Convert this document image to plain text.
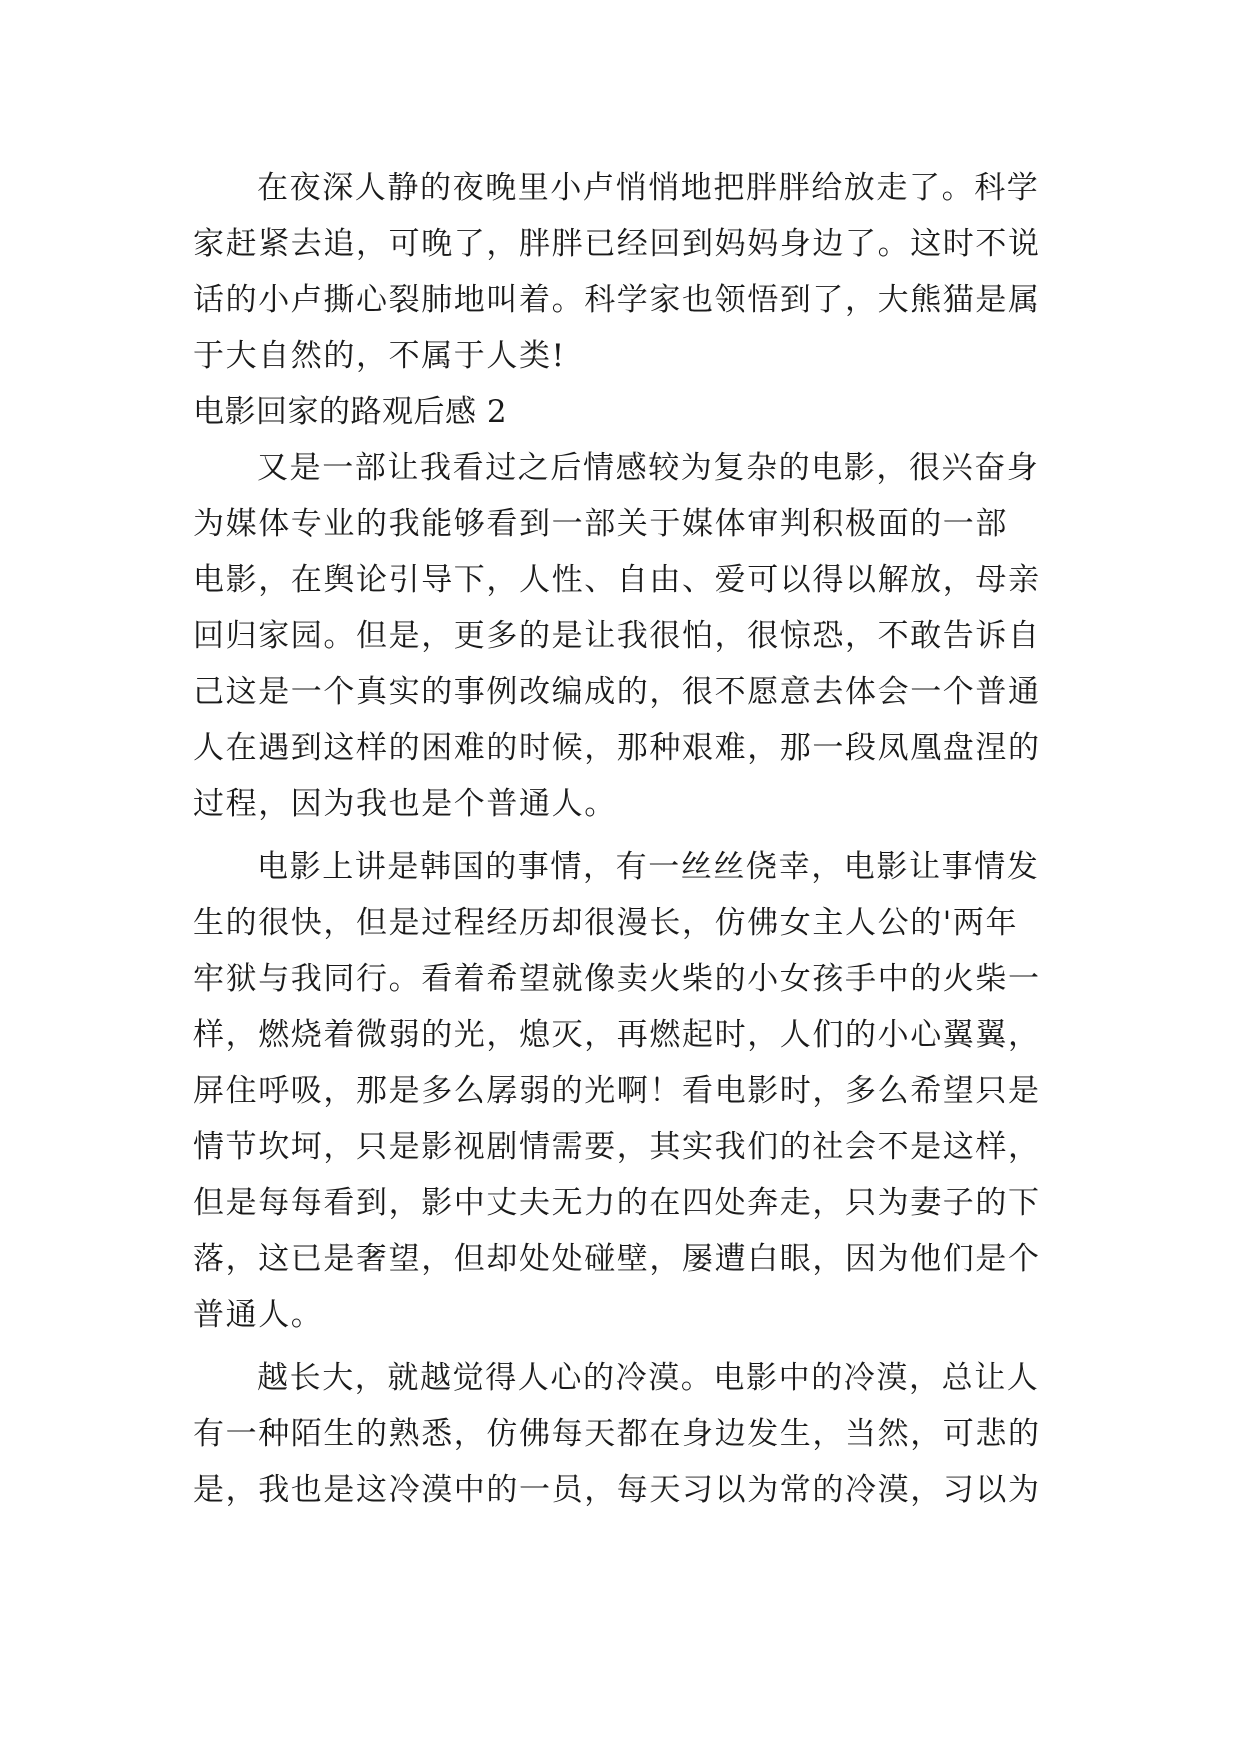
在夜深人静的夜晚里小卢悄悄地把胖胖给放走了。科学
家赶紧去追，可晚了，胖胖已经回到妈妈身边了。这时不说
话的小卢撕心裂肺地叫着。科学家也领悟到了，大熊猫是属
于大自然的，不属于人类!
电影回家的路观后感 2
又是一部让我看过之后情感较为复杂的电影，很兴奋身
为媒体专业的我能够看到一部关于媒体审判积极面的一部
电影，在舆论引导下，人性、自由、爱可以得以解放，母亲
回归家园。但是，更多的是让我很怕，很惊恐，不敢告诉自
己这是一个真实的事例改编成的，很不愿意去体会一个普通
人在遇到这样的困难的时候，那种艰难，那一段凤凰盘涅的
过程，因为我也是个普通人。
电影上讲是韩国的事情，有一丝丝侥幸，电影让事情发
生的很快，但是过程经历却很漫长，仿佛女主人公的'两年
牢狱与我同行。看着希望就像卖火柴的小女孩手中的火柴一
样，燃烧着微弱的光，熄灭，再燃起时，人们的小心翼翼，
屏住呼吸，那是多么孱弱的光啊！看电影时，多么希望只是
情节坎坷，只是影视剧情需要，其实我们的社会不是这样，
但是每每看到，影中丈夫无力的在四处奔走，只为妻子的下
落，这已是奢望，但却处处碰壁，屡遭白眼，因为他们是个
普通人。
越长大，就越觉得人心的冷漠。电影中的冷漠，总让人
有一种陌生的熟悉，仿佛每天都在身边发生，当然，可悲的
是，我也是这冷漠中的一员，每天习以为常的冷漠，习以为
